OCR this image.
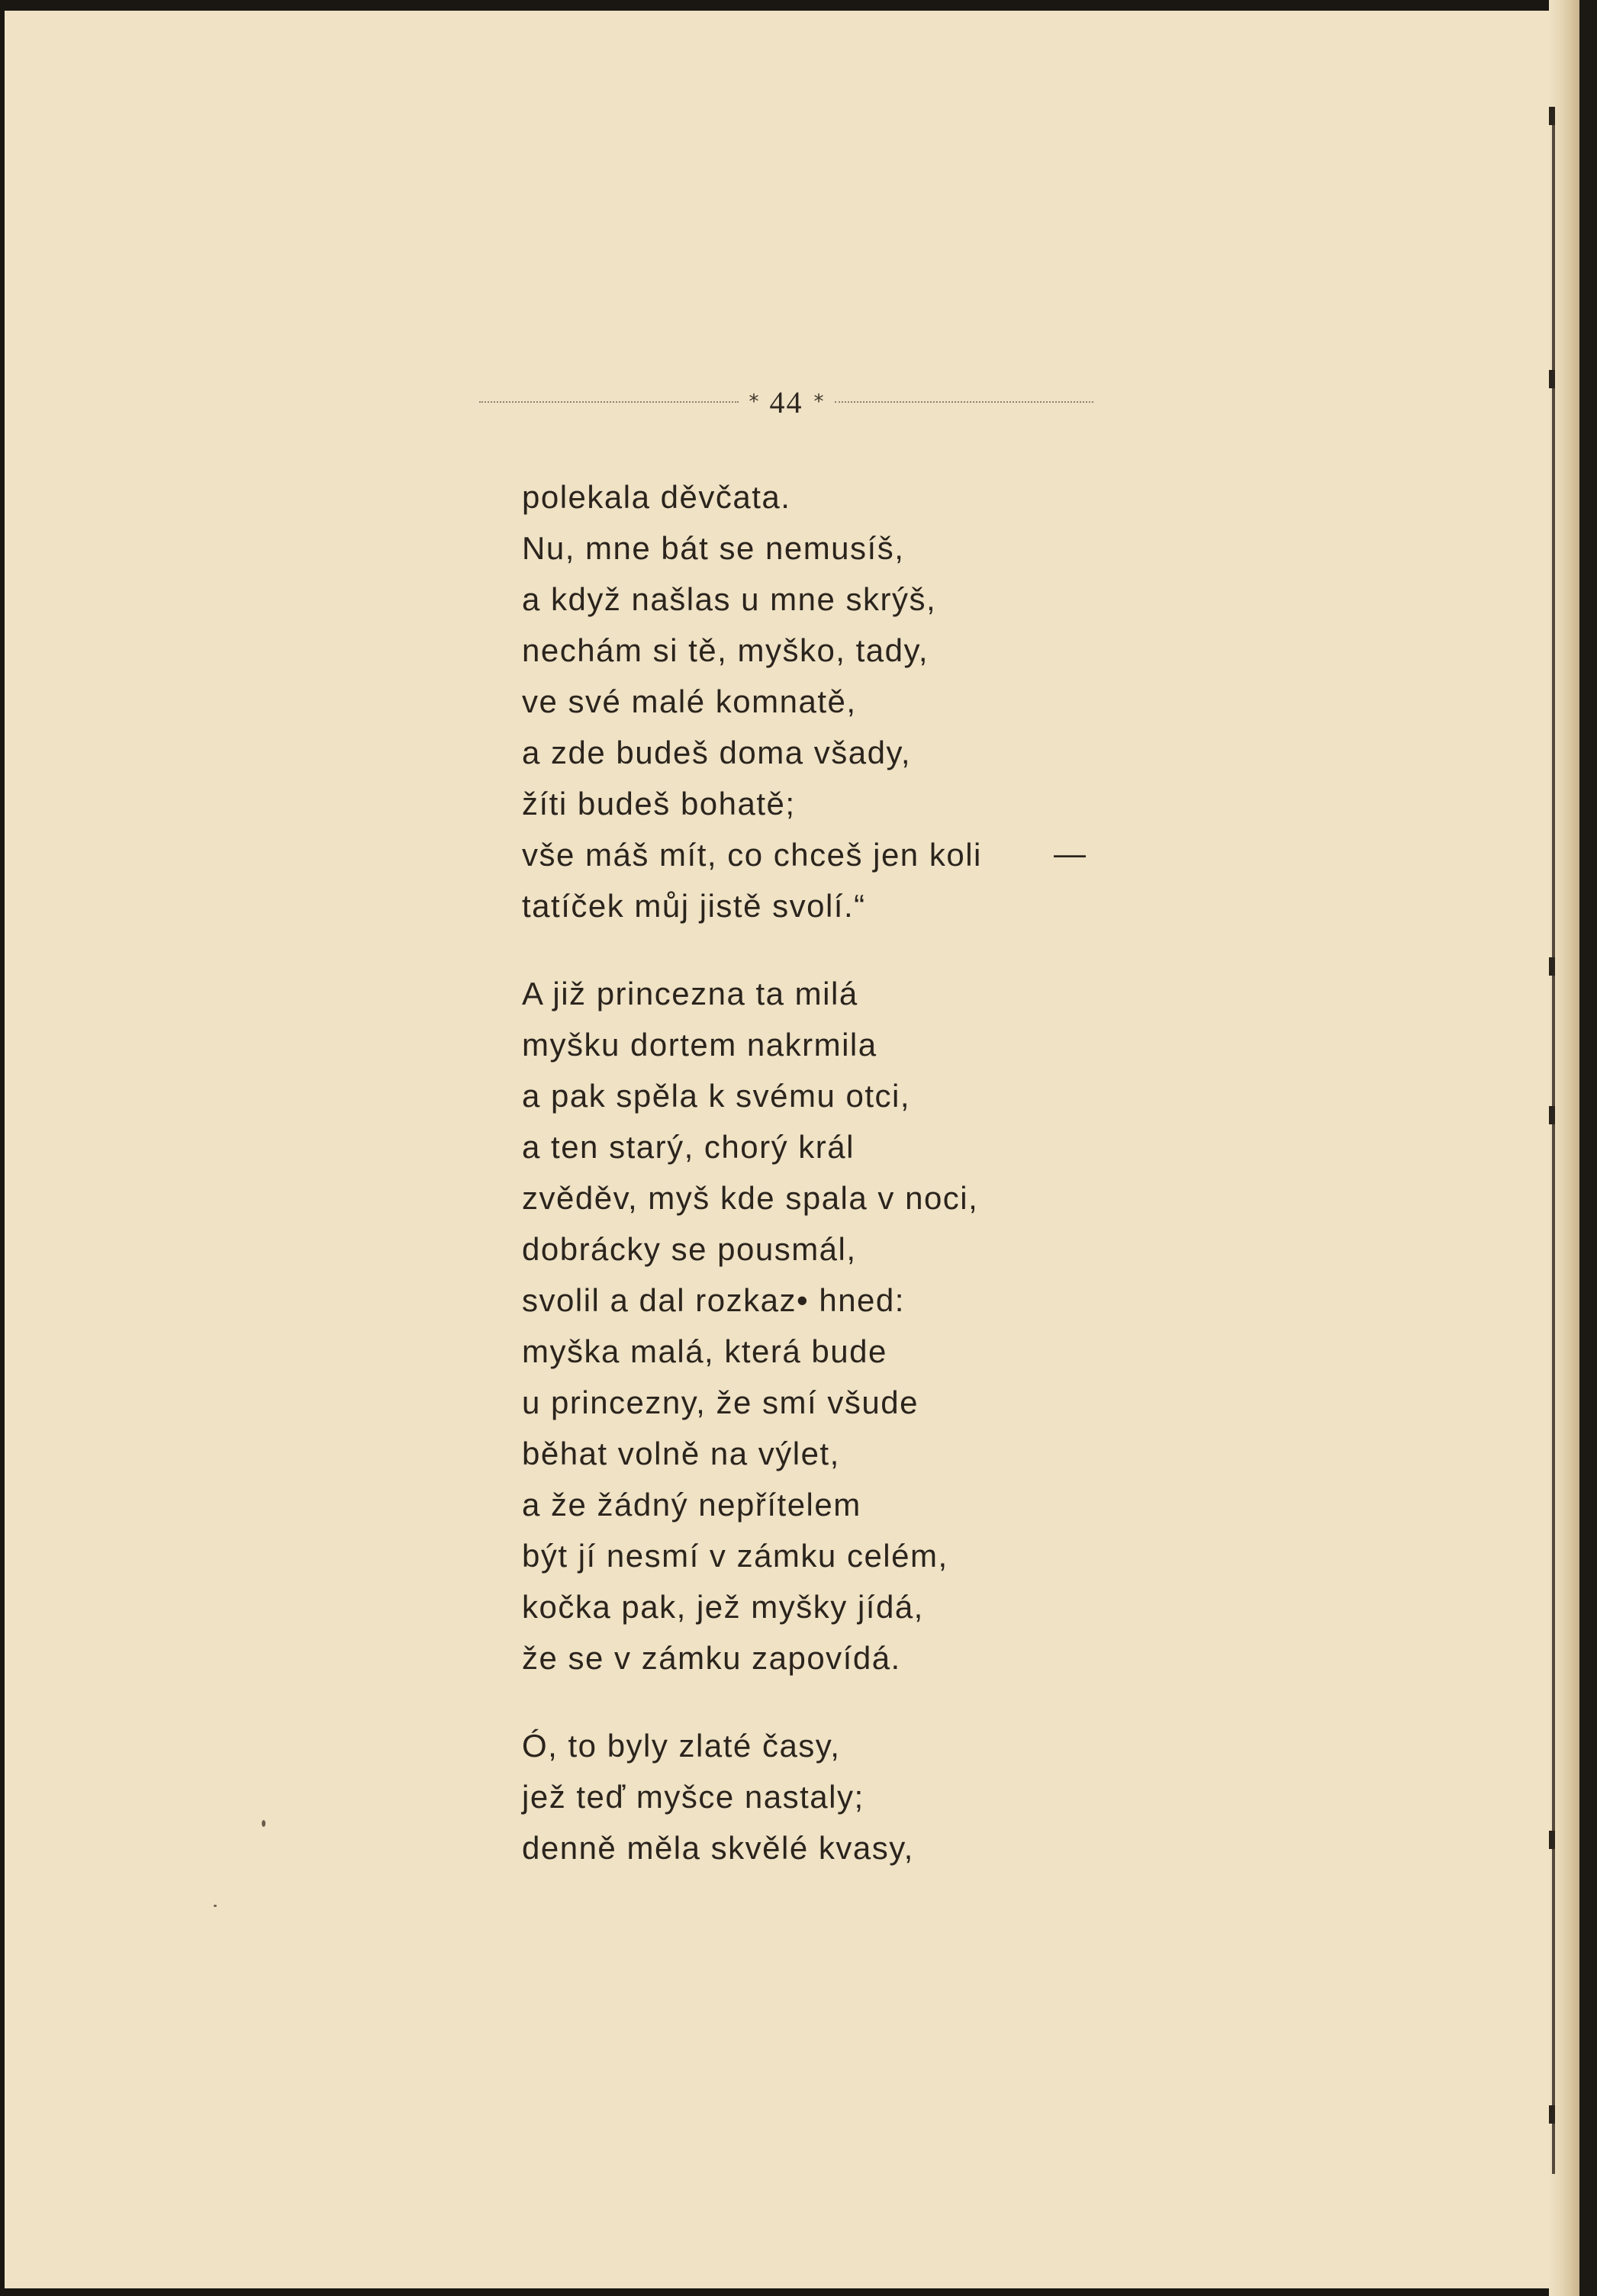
* 44 *
polekala děvčata.
Nu, mne bát se nemusíš,
a když našlas u mne skrýš,
nechám si tě, myško, tady,
ve své malé komnatě,
a zde budeš doma všady,
žíti budeš bohatě;
vše máš mít, co chceš jen koli
tatíček můj jistě svolí.“
A již princezna ta milá
myšku dortem nakrmila
a pak spěla k svému otci,
a ten starý, chorý král
zvěděv, myš kde spala v noci,
dobrácky se pousmál,
svolil a dal rozkaz• hned:
myška malá, která bude
u princezny, že smí všude
běhat volně na výlet,
a že žádný nepřítelem
být jí nesmí v zámku celém,
kočka pak, jež myšky jídá,
že se v zámku zapovídá.
Ó, to byly zlaté časy,
jež teď myšce nastaly;
denně měla skvělé kvasy,
—
